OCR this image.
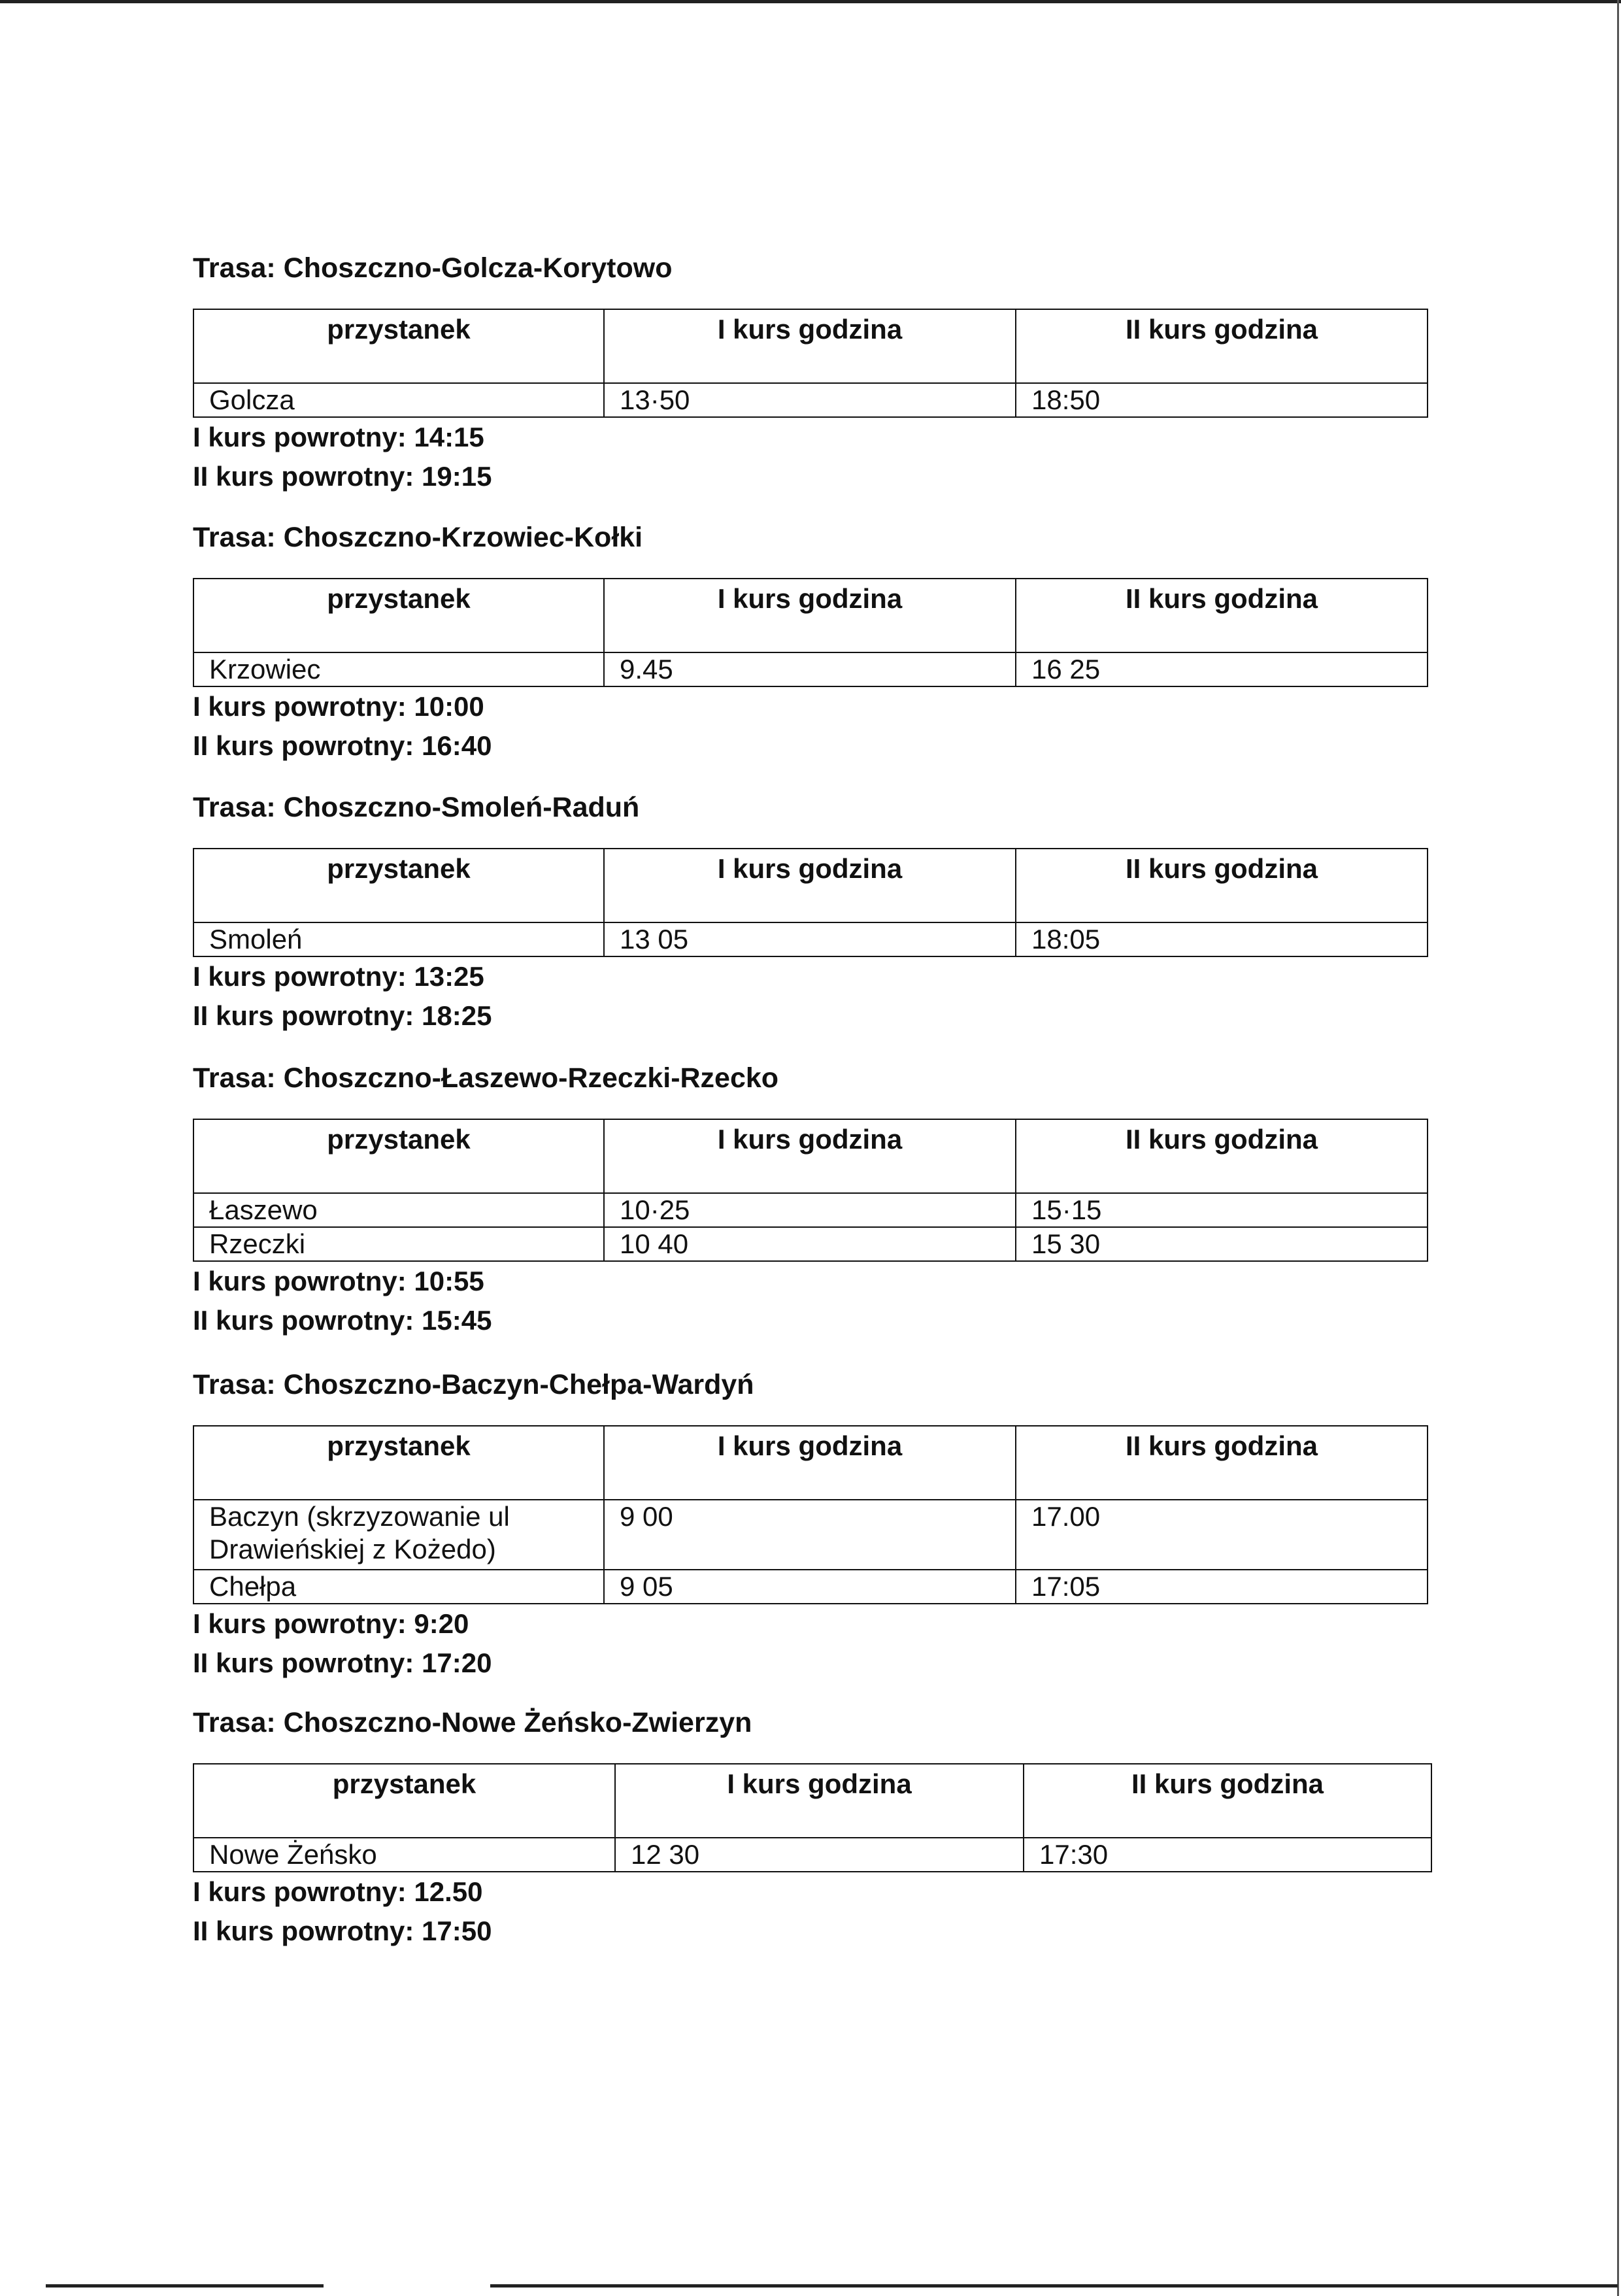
Trasa: Choszczno-Golcza-Korytowo
przystanek	I kurs godzina	II kurs godzina
Golcza	13·50	18:50
I kurs powrotny: 14:15
II kurs powrotny: 19:15
Trasa: Choszczno-Krzowiec-Kołki
przystanek	I kurs godzina	II kurs godzina
Krzowiec	9.45	16 25
I kurs powrotny: 10:00
II kurs powrotny: 16:40
Trasa: Choszczno-Smoleń-Raduń
przystanek	I kurs godzina	II kurs godzina
Smoleń	13 05	18:05
I kurs powrotny: 13:25
II kurs powrotny: 18:25
Trasa: Choszczno-Łaszewo-Rzeczki-Rzecko
przystanek	I kurs godzina	II kurs godzina
Łaszewo	10·25	15·15
Rzeczki	10 40	15 30
I kurs powrotny: 10:55
II kurs powrotny: 15:45
Trasa: Choszczno-Baczyn-Chełpa-Wardyń
przystanek	I kurs godzina	II kurs godzina

Baczyn (skrzyzowanie ul
Drawieńskiej z Kożedo)	9 00	17.00
Chełpa	9 05	17:05
I kurs powrotny: 9:20
II kurs powrotny: 17:20
Trasa: Choszczno-Nowe Żeńsko-Zwierzyn
przystanek	I kurs godzina	II kurs godzina
Nowe Żeńsko	12 30	17:30
I kurs powrotny: 12.50
II kurs powrotny: 17:50
